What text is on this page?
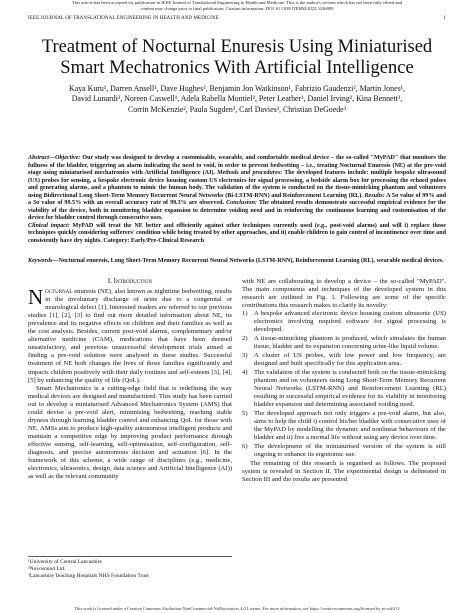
This article has been accepted for publication in IEEE Journal of Translational Engineering in Health and Medicine. This is the author's version which has not been fully edited and
content may change prior to final publication. Citation information: DOI 10.1109/JTEHM.2023.3336889
IEEE JOURNAL OF TRANSLATIONAL ENGINEERING IN HEALTH AND MEDICINE	1
Treatment of Nocturnal Enuresis Using Miniaturised
Smart Mechatronics With Artificial Intelligence
Kaya Kuru¹, Darren Ansell¹, Dave Hughes², Benjamin Jon Watkinson¹, Fabrizio Gaudenzi², Martin Jones¹,
David Lunardi², Noreen Caswell¹, Adela Rabella Montiel², Peter Leather¹, Daniel Irving², Kina Bennett³,
Corrin McKenzie², Paula Sugden³, Carl Davies³, Christian DeGoede³

Abstract—Objective: Our study was designed to develop a customisable, wearable, and comfortable medical device – the so-called "MyPAD" that monitors the fullness of the bladder, triggering an alarm indicating the need to void, in order to prevent bedwetting – i.e., treating Nocturnal Enuresis (NE) at the pre-void stage using miniaturised mechatronics with Artificial Intelligence (AI). Methods and procedures: The developed features include: multiple bespoke ultrasound (US) probes for sensing, a bespoke electronic device housing custom US electronics for signal processing, a bedside alarm box for processing the echoed pulses and generating alarms, and a phantom to mimic the human body. The validation of the system is conducted on the tissue-mimicking phantom and volunteers using Bidirectional Long Short-Term Memory Recurrent Neural Networks (Bi-LSTM-RNN) and Reinforcement Learning (RL). Results: A 5σ value of 99% and a 3σ value of 99.5% with an overall accuracy rate of 99.3% are observed. Conclusion: The obtained results demonstrate successful empirical evidence for the viability of the device, both in monitoring bladder expansion to determine voiding need and in reinforcing the continuous learning and customisation of the device for bladder control through consecutive uses.

Clinical impact: MyPAD will treat the NE better and efficiently against other techniques currently used (e.g., post-void alarms) and will i) replace those techniques quickly considering sufferers' condition while being treated by other approaches, and ii) enable children to gain control of incontinence over time and consistently have dry nights. Category: Early/Pre-Clinical Research

Keywords—Nocturnal enuresis, Long Short-Term Memory Recurrent Neural Networks (LSTM-RNN), Reinforcement Learning (RL), wearable medical devices.
I. Introduction

Nocturnal enuresis (NE), also known as nighttime bedwetting, results in the involuntary discharge of urine due to a congenital or neurological defect [1]. Interested readers are referred to our previous studies [1], [2], [3] to find out more detailed information about NE, its prevalence and its negative effects on children and their families as well as the cost analysis. Besides, current post-void alarms, complementary and/or alternative medicine (CAM), medications that have been deemed unsatisfactory, and previous unsuccessful development trials aimed at finding a pre-void solution were analysed in these studies. Successful treatment of NE both changes the lives of those families significantly and impacts children positively with their daily routines and self-esteem [3], [4], [5] by enhancing the quality of life (QoL).

Smart Mechatronics is a cutting-edge field that is redefining the way medical devices are designed and manufactured. This study has been carried out to develop a miniaturised Advanced Mechatronics System (AMS) that could devise a pre-void alert, minimising bedwetting, reaching stable dryness through learning bladder control and enhancing QoL for those with NE. AMSs aim to produce high-quality autonomous intelligent products and maintain a competitive edge by improving product performance through effective sensing, self-learning, self-optimisation, self-configuration, self-diagnosis, and precise autonomous decision and actuation [6]. In the framework of this scheme, a wide range of disciplines (e.g., medicine, electronics, ultrasonics, design, data science and Artificial Intelligence (AI)) as well as the relevant community

¹University of Central Lancashire
²Novosound Ltd.
³Lancashire Teaching Hospitals NHS Foundation Trust

with NE are collaborating to develop a device – the so-called "MyPAD". The main components and techniques of the developed system in this research are outlined in Fig. 1. Following are some of the specific contributions this research makes to clarify its novelty:

1) A bespoke advanced electronic device housing custom ultrasonic (US) electronics involving required software for signal processing is developed.
2) A tissue-mimicking phantom is produced, which simulates the human tissue, bladder and its expansion concerning urine-like liquid volume.
3) A cluster of US probes, with low power and low frequency, are designed and built specifically for this application area.
4) The validation of the system is conducted both on the tissue-mimicking phantom and on volunteers using Long Short-Term Memory Recurrent Neural Networks (LSTM-RNN) and Reinforcement Learning (RL) resulting in successful empirical evidence for its viability in monitoring bladder expansion and determining associated voiding need.
5) The developed approach not only triggers a pre-void alarm, but also, aims to help the child i) control his/her bladder with consecutive uses of the MyPAD by modelling the dynamic and nonlinear behaviours of the bladder and ii) live a normal life without using any device over time.
6) The development of the miniaturised version of the system is still ongoing to enhance its ergonomic use.

The remaining of this research is organised as follows. The proposed system is revealed in Section II. The experimental design is delineated in Section III and the results are presented

This work is licensed under a Creative Commons Attribution-NonCommercial-NoDerivatives 4.0 License. For more information, see https://creativecommons.org/licenses/by-nc-nd/4.0/
